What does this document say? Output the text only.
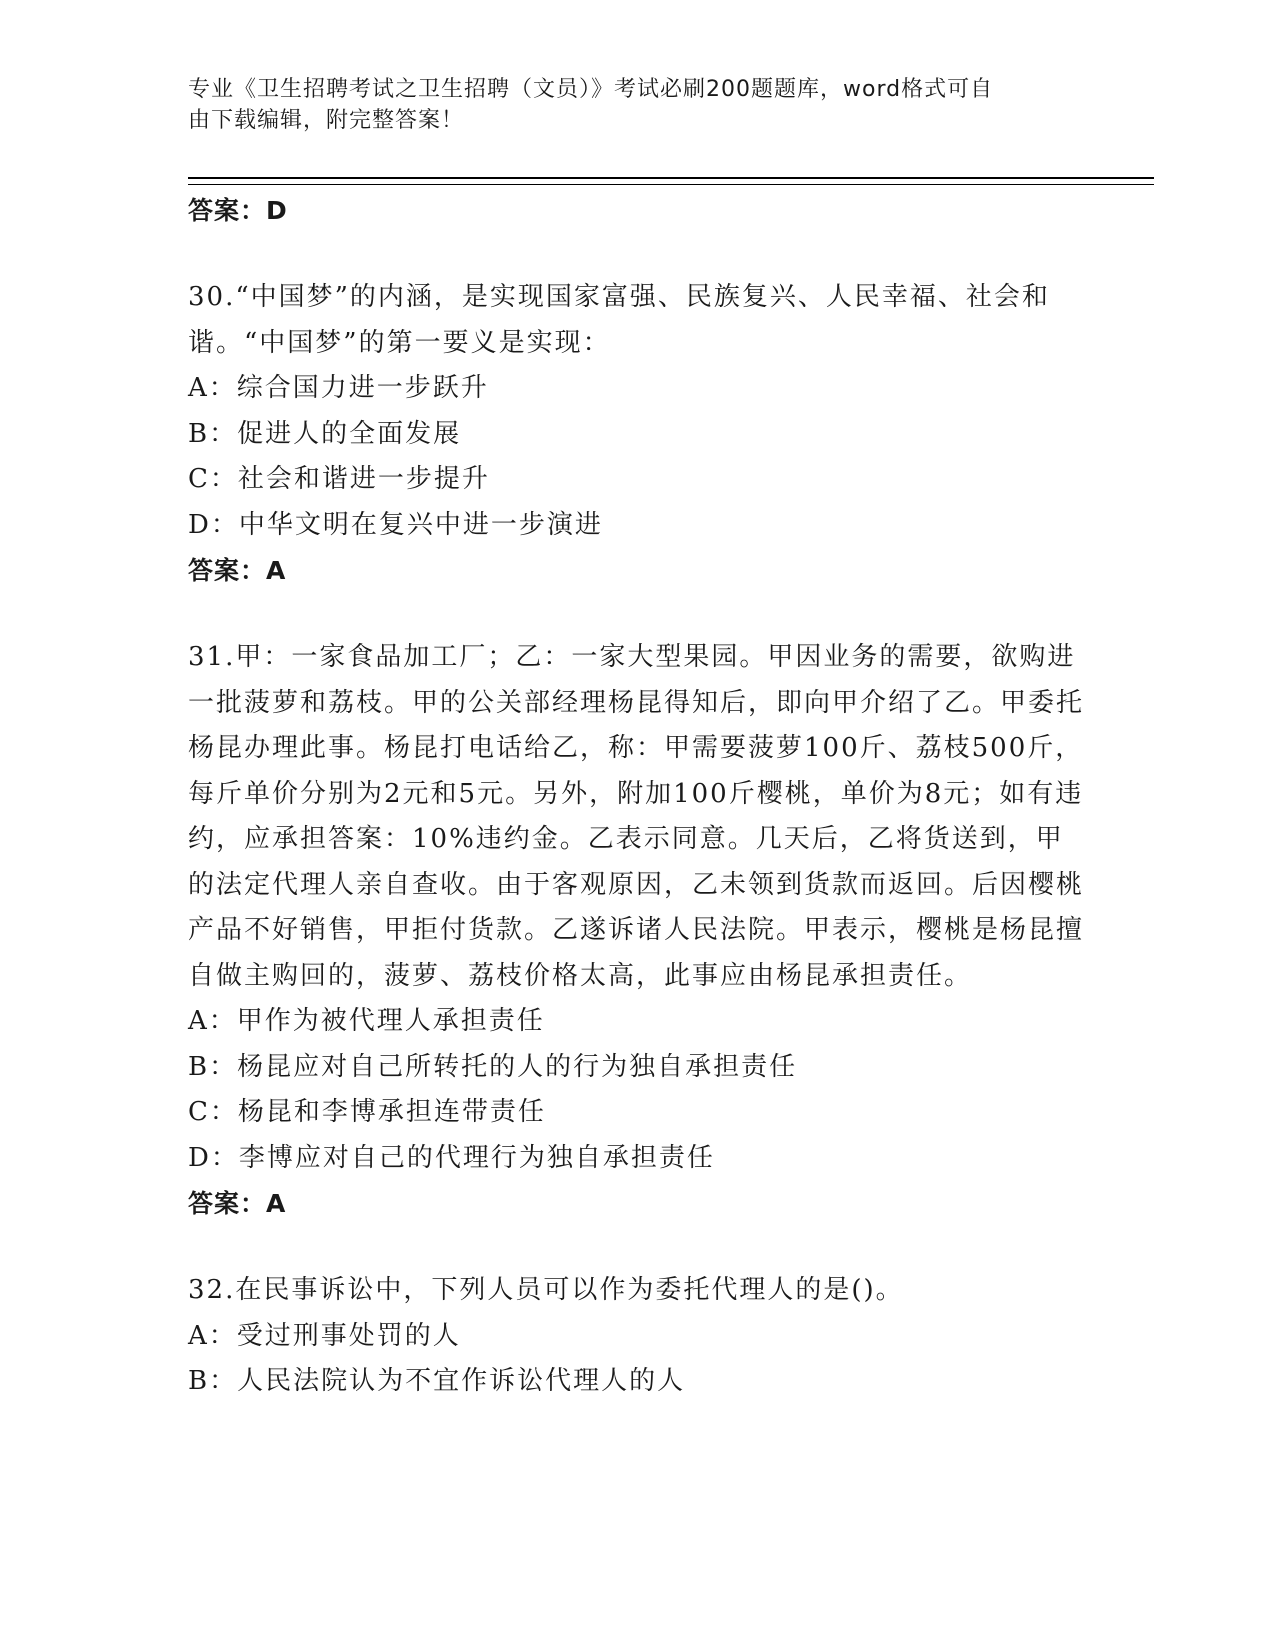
专业《卫生招聘考试之卫生招聘（文员）》考试必刷200题题库，word格式可自
由下载编辑，附完整答案！
答案：D
30.“中国梦”的内涵，是实现国家富强、民族复兴、人民幸福、社会和谐。“中国梦”的第一要义是实现：
A：综合国力进一步跃升
B：促进人的全面发展
C：社会和谐进一步提升
D：中华文明在复兴中进一步演进
答案：A
31.甲：一家食品加工厂；乙：一家大型果园。甲因业务的需要，欲购进一批菠萝和荔枝。甲的公关部经理杨昆得知后，即向甲介绍了乙。甲委托杨昆办理此事。杨昆打电话给乙，称：甲需要菠萝100斤、荔枝500斤，每斤单价分别为2元和5元。另外，附加100斤樱桃，单价为8元；如有违约，应承担答案：10%违约金。乙表示同意。几天后，乙将货送到，甲的法定代理人亲自查收。由于客观原因，乙未领到货款而返回。后因樱桃产品不好销售，甲拒付货款。乙遂诉诸人民法院。甲表示，樱桃是杨昆擅自做主购回的，菠萝、荔枝价格太高，此事应由杨昆承担责任。
A：甲作为被代理人承担责任
B：杨昆应对自己所转托的人的行为独自承担责任
C：杨昆和李博承担连带责任
D：李博应对自己的代理行为独自承担责任
答案：A
32.在民事诉讼中，下列人员可以作为委托代理人的是()。
A：受过刑事处罚的人
B：人民法院认为不宜作诉讼代理人的人
